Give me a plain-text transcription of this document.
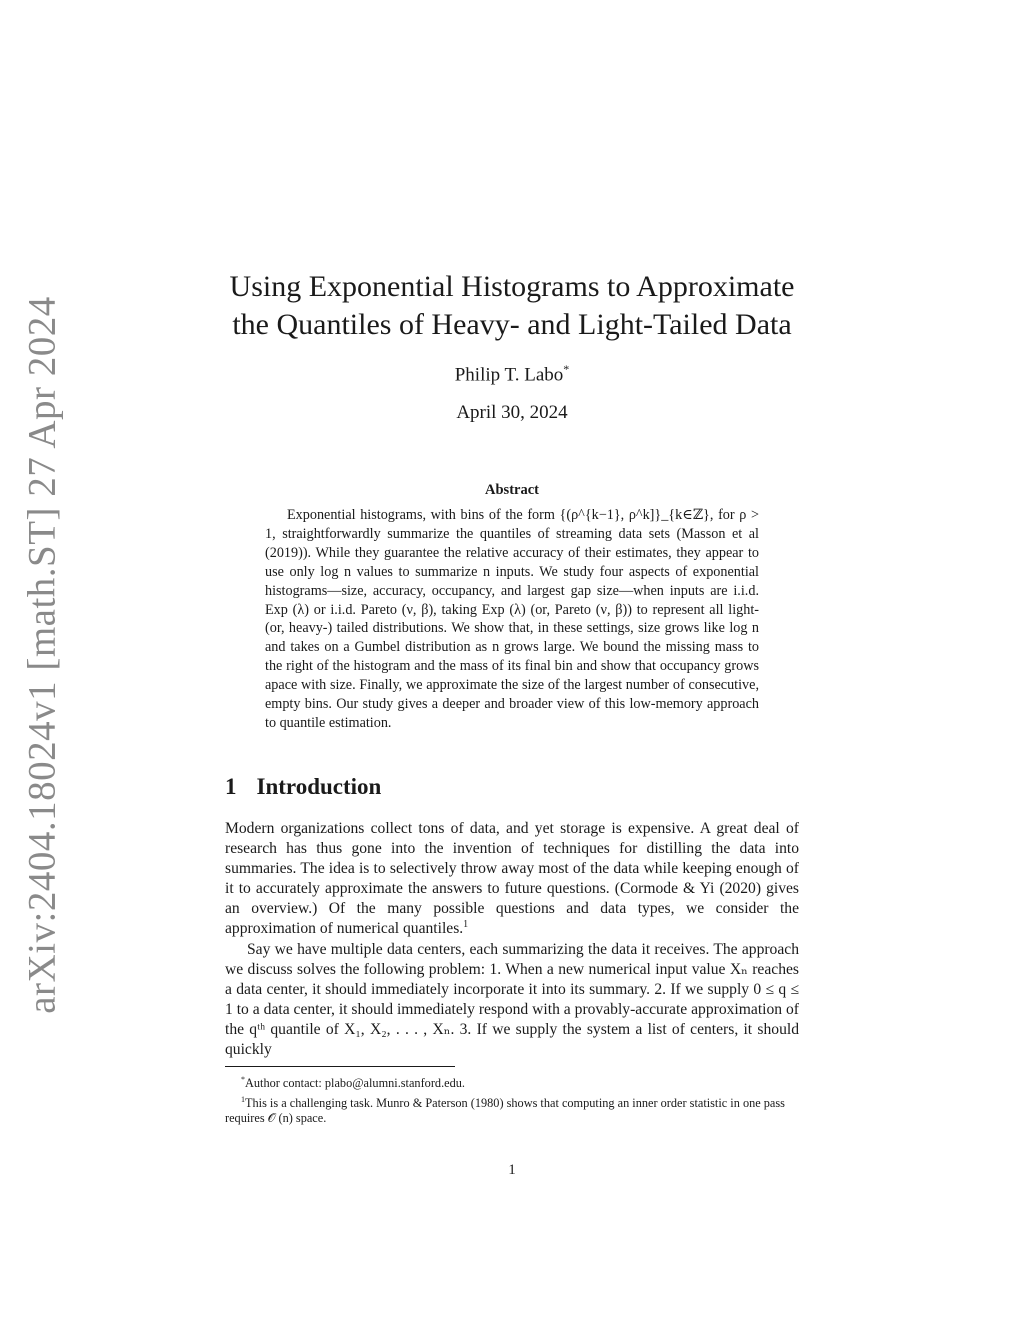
arXiv:2404.18024v1 [math.ST] 27 Apr 2024
Using Exponential Histograms to Approximate
the Quantiles of Heavy- and Light-Tailed Data
Philip T. Labo*
April 30, 2024
Abstract

Exponential histograms, with bins of the form {(ρ^{k−1}, ρ^k]}_{k∈ℤ}, for ρ > 1, straightforwardly summarize the quantiles of streaming data sets (Masson et al (2019)). While they guarantee the relative accuracy of their estimates, they appear to use only log n values to summarize n inputs. We study four aspects of exponential histograms—size, accuracy, occupancy, and largest gap size—when inputs are i.i.d. Exp (λ) or i.i.d. Pareto (ν, β), taking Exp (λ) (or, Pareto (ν, β)) to represent all light- (or, heavy-) tailed distributions. We show that, in these settings, size grows like log n and takes on a Gumbel distribution as n grows large. We bound the missing mass to the right of the histogram and the mass of its final bin and show that occupancy grows apace with size. Finally, we approximate the size of the largest number of consecutive, empty bins. Our study gives a deeper and broader view of this low-memory approach to quantile estimation.

1 Introduction

Modern organizations collect tons of data, and yet storage is expensive. A great deal of research has thus gone into the invention of techniques for distilling the data into summaries. The idea is to selectively throw away most of the data while keeping enough of it to accurately approximate the answers to future questions. (Cormode & Yi (2020) gives an overview.) Of the many possible questions and data types, we consider the approximation of numerical quantiles.$^1$

Say we have multiple data centers, each summarizing the data it receives. The approach we discuss solves the following problem: 1. When a new numerical input value Xₙ reaches a data center, it should immediately incorporate it into its summary. 2. If we supply 0 ≤ q ≤ 1 to a data center, it should immediately respond with a provably-accurate approximation of the qᵗʰ quantile of X₁, X₂, . . . , Xₙ. 3. If we supply the system a list of centers, it should quickly

*Author contact: plabo@alumni.stanford.edu.

$^1$This is a challenging task. Munro & Paterson (1980) shows that computing an inner order statistic in one pass requires 𝒪 (n) space.

1
